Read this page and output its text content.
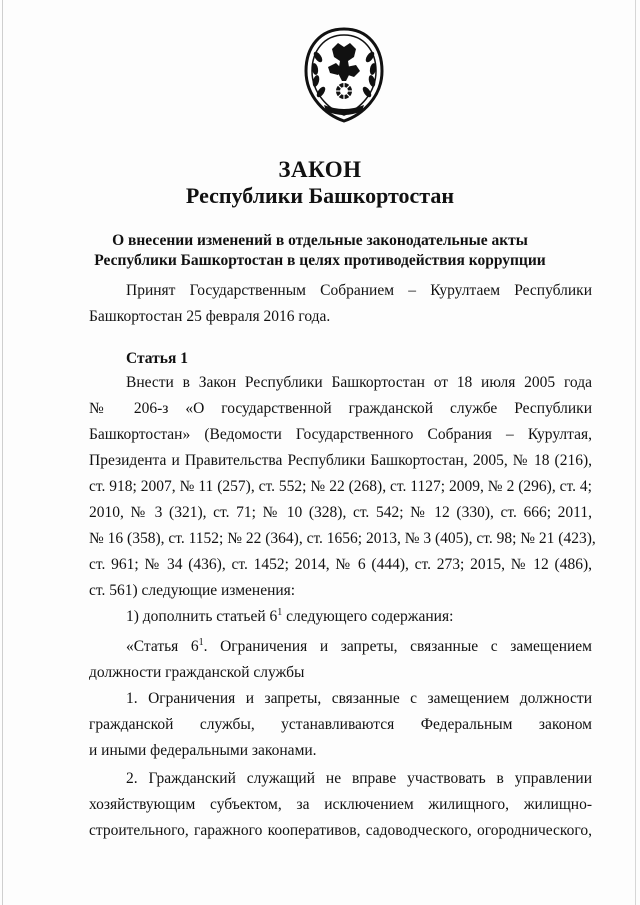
ЗАКОН
Республики Башкортостан
О внесении изменений в отдельные законодательные акты
Республики Башкортостан в целях противодействия коррупции
Принят Государственным Собранием – Курултаем Республики
Башкортостан 25 февраля 2016 года.
Статья 1
Внести в Закон Республики Башкортостан от 18 июля 2005 года
№ 206-з «О государственной гражданской службе Республики
Башкортостан» (Ведомости Государственного Собрания – Курултая,
Президента и Правительства Республики Башкортостан, 2005, № 18 (216),
ст. 918; 2007, № 11 (257), ст. 552; № 22 (268), ст. 1127; 2009, № 2 (296), ст. 4;
2010, № 3 (321), ст. 71; № 10 (328), ст. 542; № 12 (330), ст. 666; 2011,
№ 16 (358), ст. 1152; № 22 (364), ст. 1656; 2013, № 3 (405), ст. 98; № 21 (423),
ст. 961; № 34 (436), ст. 1452; 2014, № 6 (444), ст. 273; 2015, № 12 (486),
ст. 561) следующие изменения:
1) дополнить статьей $6^1$ следующего содержания:
«Статья $6^1$. Ограничения и запреты, связанные с замещением
должности гражданской службы
1. Ограничения и запреты, связанные с замещением должности
гражданской службы, устанавливаются Федеральным законом
и иными федеральными законами.
2. Гражданский служащий не вправе участвовать в управлении
хозяйствующим субъектом, за исключением жилищного, жилищно-
строительного, гаражного кооперативов, садоводческого, огороднического,
